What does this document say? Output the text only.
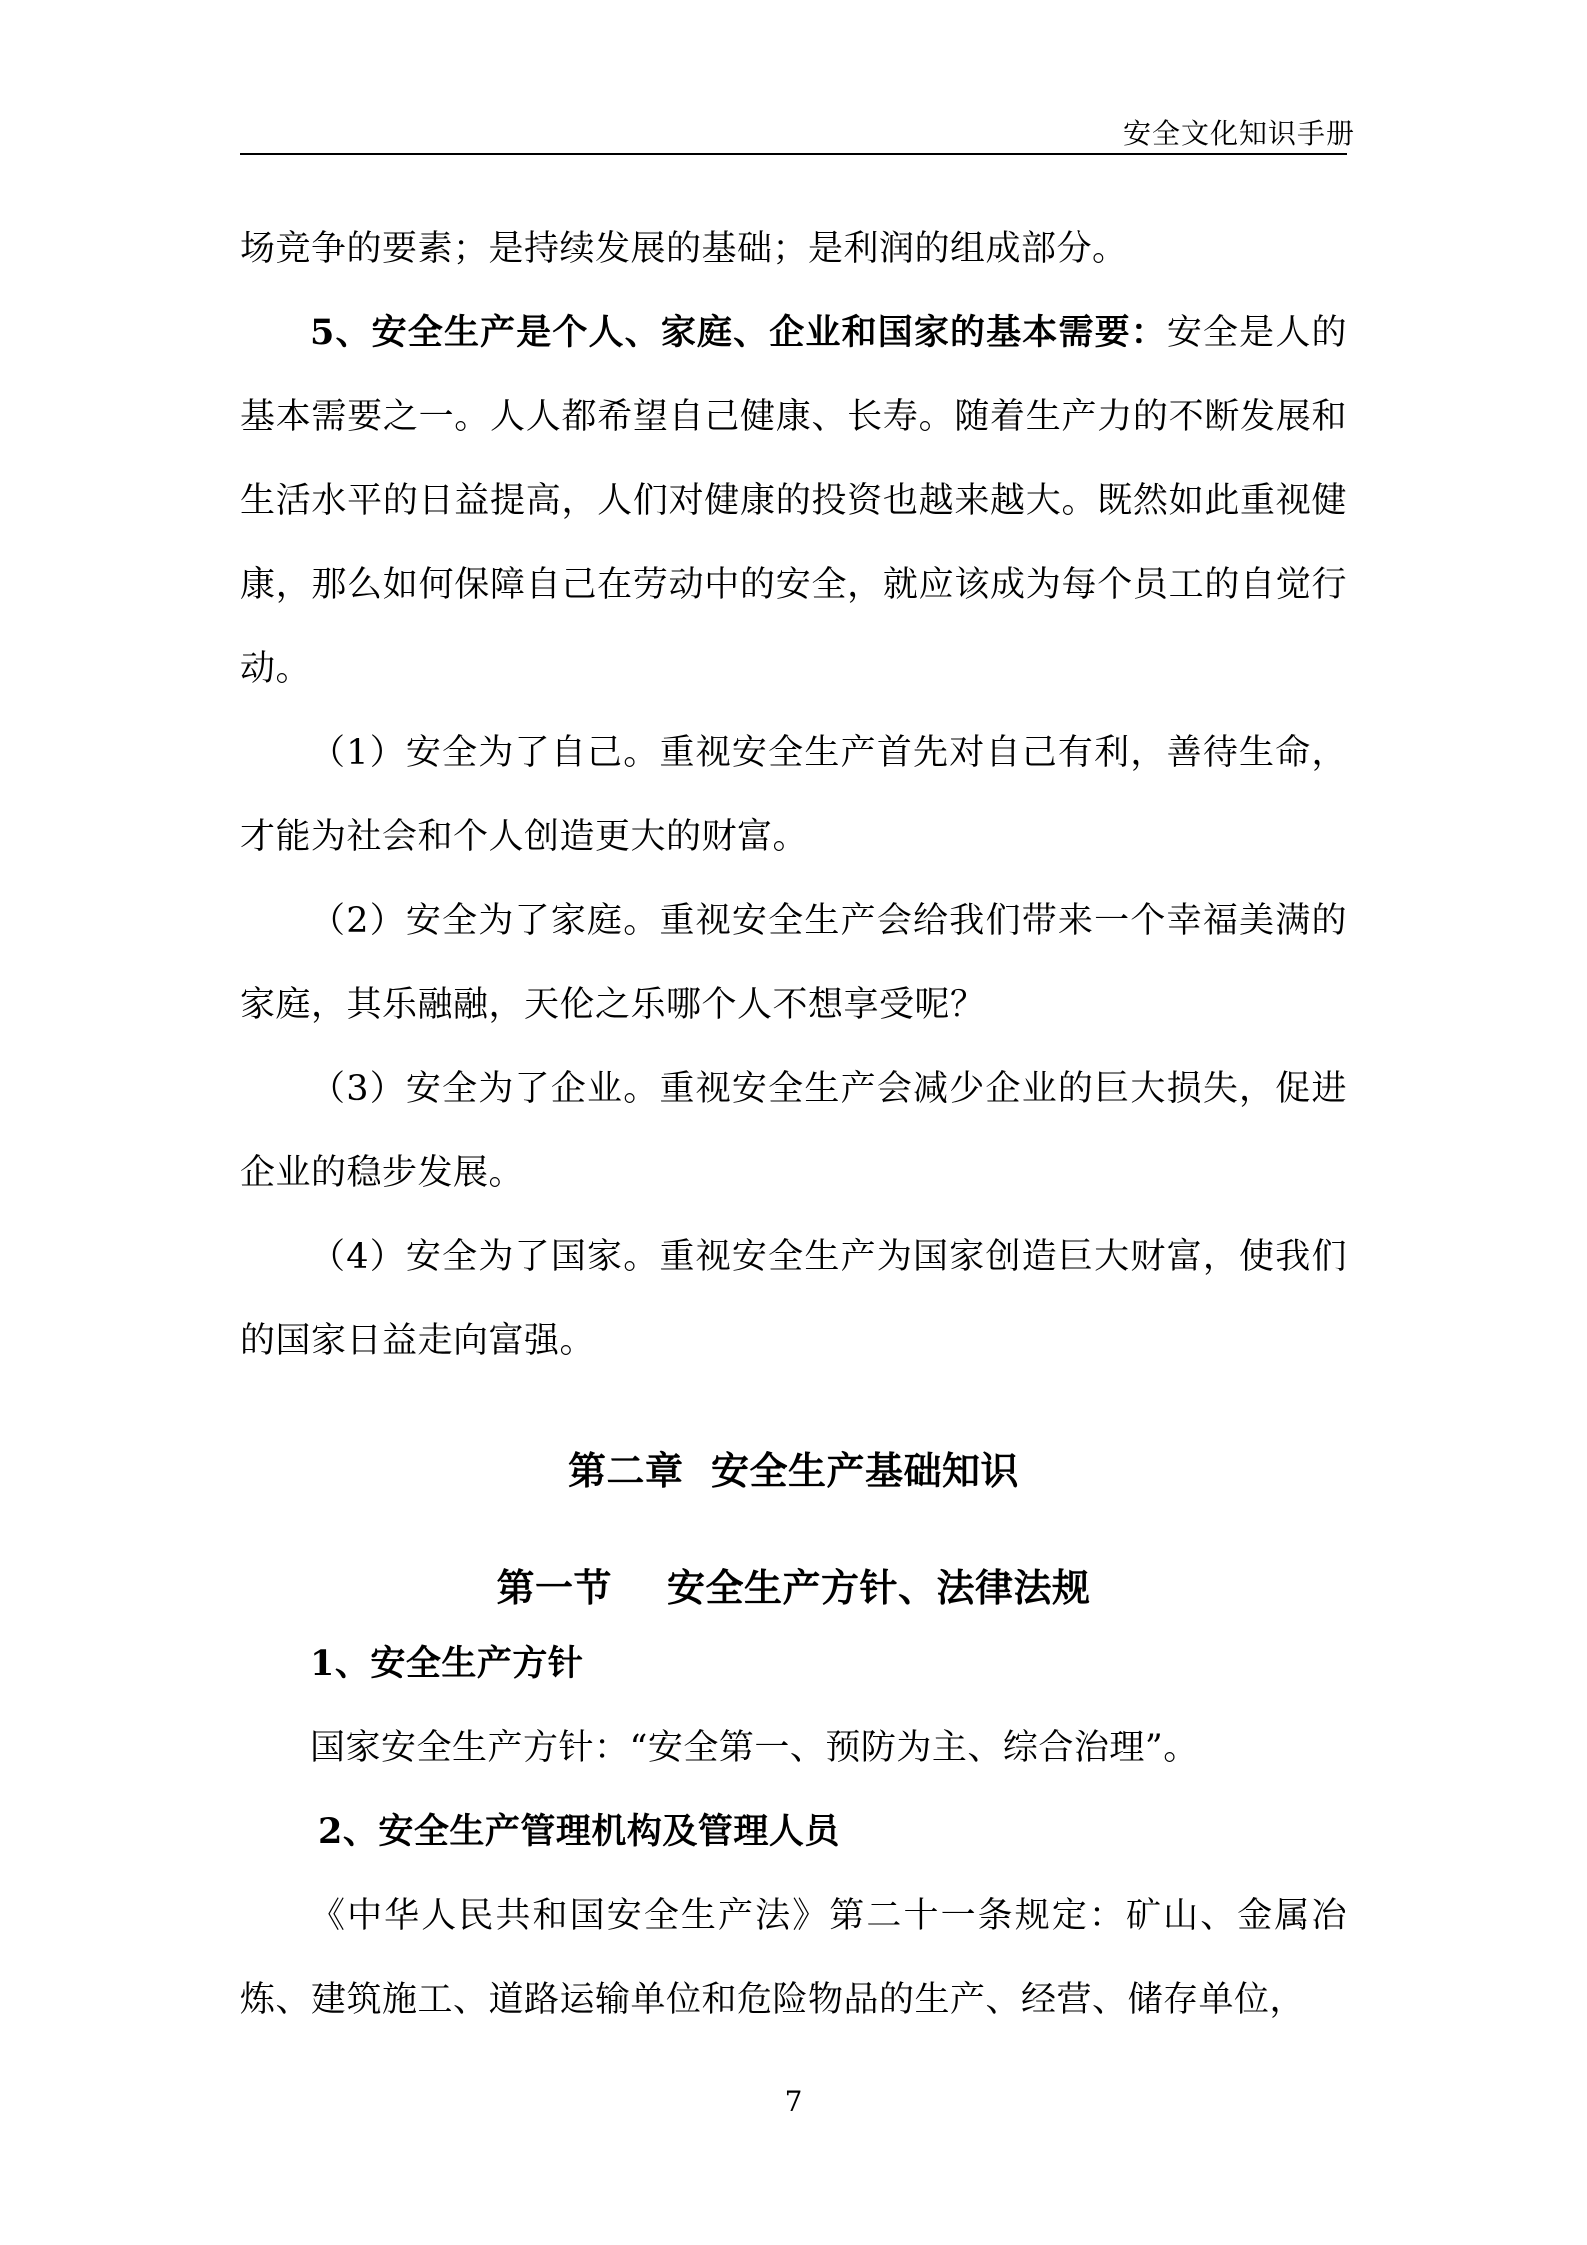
安全文化知识手册

场竞争的要素；是持续发展的基础；是利润的组成部分。

5、安全生产是个人、家庭、企业和国家的基本需要：安全是人的基本需要之一。人人都希望自己健康、长寿。随着生产力的不断发展和生活水平的日益提高，人们对健康的投资也越来越大。既然如此重视健康，那么如何保障自己在劳动中的安全，就应该成为每个员工的自觉行动。

（1）安全为了自己。重视安全生产首先对自己有利，善待生命，才能为社会和个人创造更大的财富。

（2）安全为了家庭。重视安全生产会给我们带来一个幸福美满的家庭，其乐融融，天伦之乐哪个人不想享受呢？

（3）安全为了企业。重视安全生产会减少企业的巨大损失，促进企业的稳步发展。

（4）安全为了国家。重视安全生产为国家创造巨大财富，使我们的国家日益走向富强。

第二章  安全生产基础知识

第一节    安全生产方针、法律法规

1、安全生产方针

国家安全生产方针：“安全第一、预防为主、综合治理”。

2、安全生产管理机构及管理人员

《中华人民共和国安全生产法》第二十一条规定：矿山、金属冶炼、建筑施工、道路运输单位和危险物品的生产、经营、储存单位，

7
